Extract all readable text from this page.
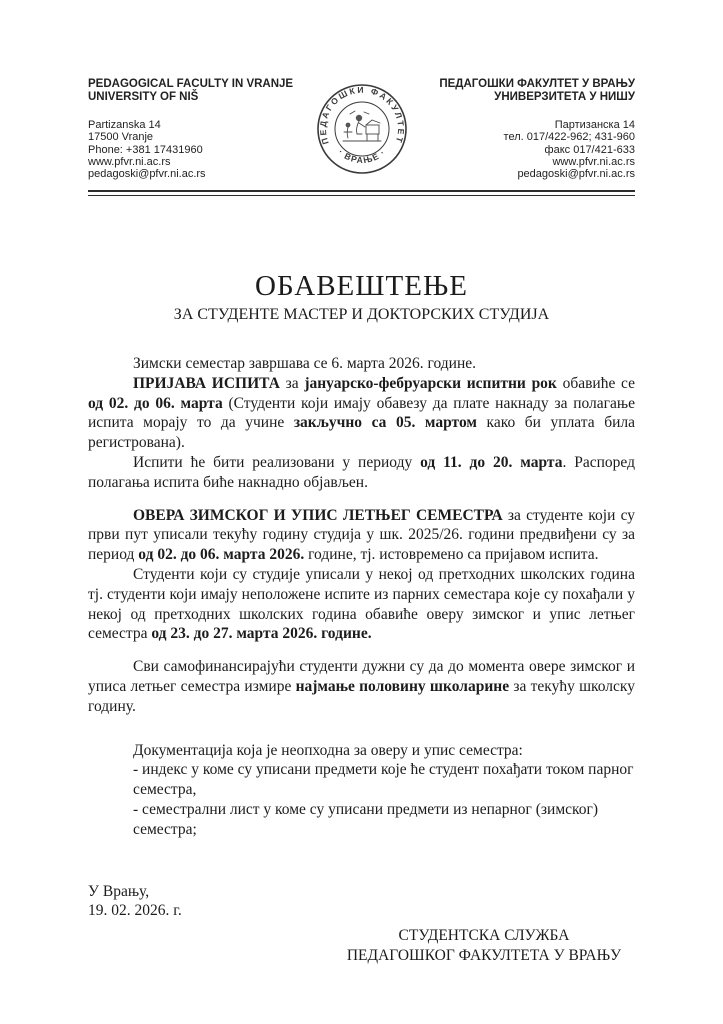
PEDAGOGICAL FACULTY IN VRANJE
UNIVERSITY OF NIŠ
Partizanska 14
17500 Vranje
Phone: +381 17431960
www.pfvr.ni.ac.rs
pedagoski@pfvr.ni.ac.rs
ПЕДАГОШКИ ФАКУЛТЕТ
· ВРАЊЕ ·
ПЕДАГОШКИ ФАКУЛТЕТ У ВРАЊУ
УНИВЕРЗИТЕТА У НИШУ
Партизанска 14
тел. 017/422-962; 431-960
факс 017/421-633
www.pfvr.ni.ac.rs
pedagoski@pfvr.ni.ac.rs
ОБАВЕШТЕЊЕ
ЗА СТУДЕНТЕ МАСТЕР И ДОКТОРСКИХ СТУДИЈА

Зимски семестар завршава се 6. марта 2026. године.

ПРИЈАВА ИСПИТА за јануарско-фебруарски испитни рок обавиће се од 02. до 06. марта (Студенти који имају обавезу да плате накнаду за полагање испита морају то да учине закључно са 05. мартом како би уплата била регистрована).

Испити ће бити реализовани у периоду од 11. до 20. марта. Распоред полагања испита биће накнадно објављен.

ОВЕРА ЗИМСКОГ И УПИС ЛЕТЊЕГ СЕМЕСТРА за студенте који су први пут уписали текућу годину студија у шк. 2025/26. години предвиђени су за период од 02. до 06. марта 2026. године, тј. истовремено са пријавом испита.

Студенти који су студије уписали у некој од претходних школских година тј. студенти који имају неположене испите из парних семестара које су похађали у некој од претходних школских година обавиће оверу зимског и упис летњег семестра од 23. до 27. марта 2026. године.

Сви самофинансирајући студенти дужни су да до момента овере зимског и уписа летњег семестра измире најмање половину школарине за текућу школску годину.

Документација која је неопходна за оверу и упис семестра:
- индекс у коме су уписани предмети које ће студент похађати током парног семестра,
- семестрални лист у коме су уписани предмети из непарног (зимског) семестра;
У Врању,
19. 02. 2026. г.
СТУДЕНТСКА СЛУЖБА
ПЕДАГОШКОГ ФАКУЛТЕТА У ВРАЊУ
